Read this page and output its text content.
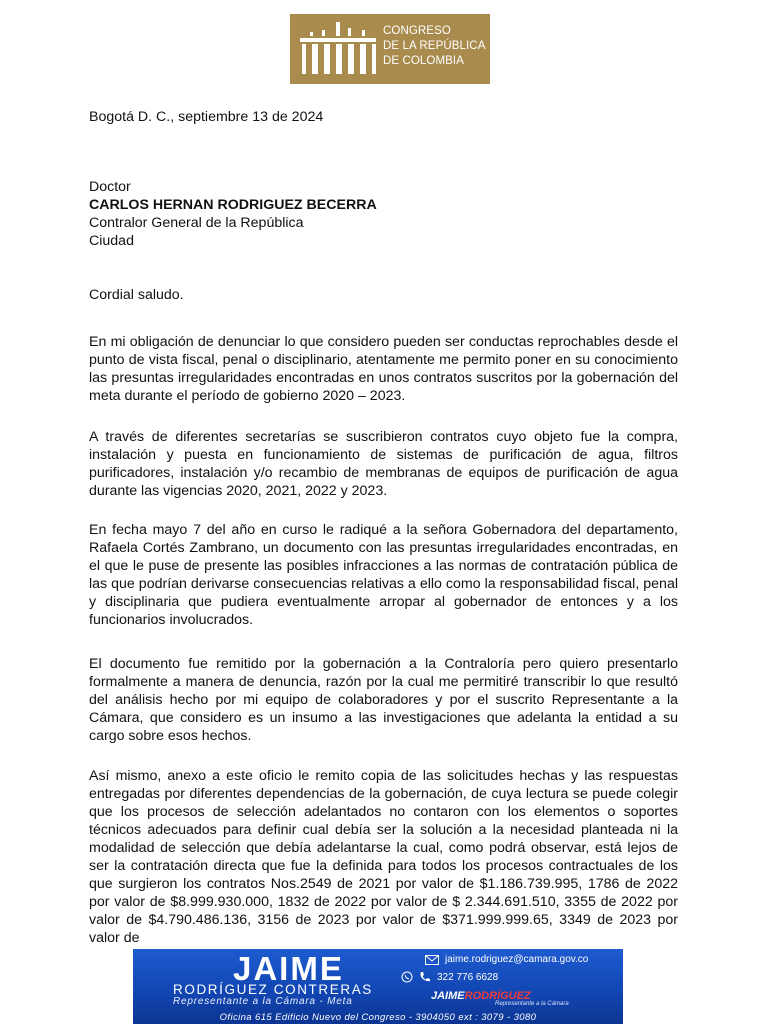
CONGRESO
DE LA REPÚBLICA
DE COLOMBIA
Bogotá D. C., septiembre 13 de 2024
Doctor
CARLOS HERNAN RODRIGUEZ BECERRA
Contralor General de la República
Ciudad
Cordial saludo.
En mi obligación de denunciar lo que considero pueden ser conductas reprochables desde el punto de vista fiscal, penal o disciplinario, atentamente me permito poner en su conocimiento las presuntas irregularidades encontradas en unos contratos suscritos por la gobernación del meta durante el período de gobierno 2020 – 2023.
A través de diferentes secretarías se suscribieron contratos cuyo objeto fue la compra, instalación y puesta en funcionamiento de sistemas de purificación de agua, filtros purificadores, instalación y/o recambio de membranas de equipos de purificación de agua durante las vigencias 2020, 2021, 2022 y 2023.
En fecha mayo 7 del año en curso le radiqué a la señora Gobernadora del departamento, Rafaela Cortés Zambrano, un documento con las presuntas irregularidades encontradas, en el que le puse de presente las posibles infracciones a las normas de contratación pública de las que podrían derivarse consecuencias relativas a ello como la responsabilidad fiscal, penal y disciplinaria que pudiera eventualmente arropar al gobernador de entonces y a los funcionarios involucrados.
El documento fue remitido por la gobernación a la Contraloría pero quiero presentarlo formalmente a manera de denuncia, razón por la cual me permitiré transcribir lo que resultó del análisis hecho por mi equipo de colaboradores y por el suscrito Representante a la Cámara, que considero es un insumo a las investigaciones que adelanta la entidad a su cargo sobre esos hechos.
Así mismo, anexo a este oficio le remito copia de las solicitudes hechas y las respuestas entregadas por diferentes dependencias de la gobernación, de cuya lectura se puede colegir que los procesos de selección adelantados no contaron con los elementos o soportes técnicos adecuados para definir cual debía ser la solución a la necesidad planteada ni la modalidad de selección que debía adelantarse la cual, como podrá observar, está lejos de ser la contratación directa que fue la definida para todos los procesos contractuales de los que surgieron los contratos Nos.2549 de 2021 por valor de $1.186.739.995, 1786 de 2022 por valor de $8.999.930.000, 1832 de 2022 por valor de $ 2.344.691.510, 3355 de 2022 por valor de $4.790.486.136, 3156 de 2023 por valor de $371.999.999.65, 3349 de 2023 por valor de
JAIME
RODRÍGUEZ CONTRERAS
Representante a la Cámara - Meta
jaime.rodriguez@camara.gov.co
322 776 6628
JAIMERODRÍGUEZ
Representante a la Cámara
Oficina 615 Edificio Nuevo del Congreso - 3904050 ext : 3079 - 3080
